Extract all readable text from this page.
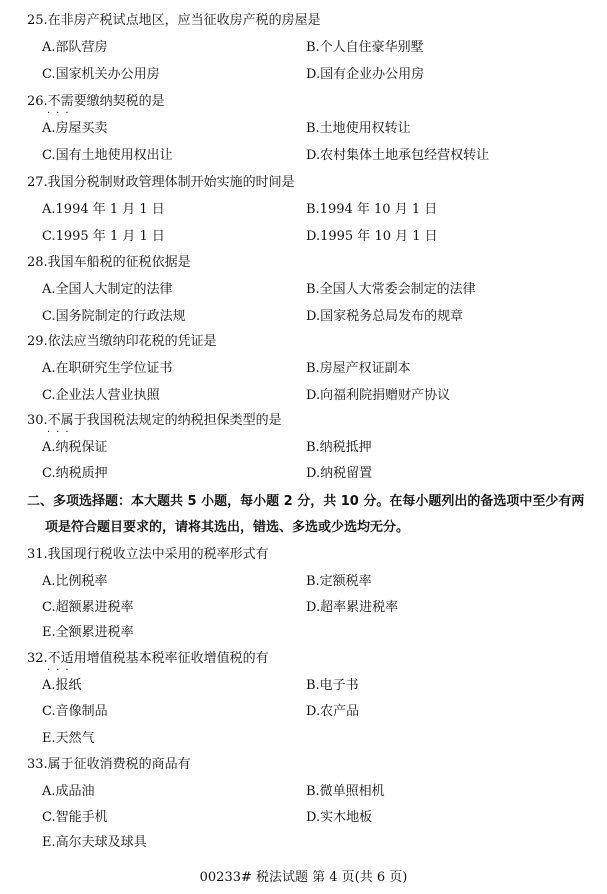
25.在非房产税试点地区，应当征收房产税的房屋是
A.部队营房	B.个人自住豪华别墅
C.国家机关办公用房	D.国有企业办公用房
26.不需要缴纳契税的是
···
A.房屋买卖	B.土地使用权转让
C.国有土地使用权出让	D.农村集体土地承包经营权转让
27.我国分税制财政管理体制开始实施的时间是
A.1994 年 1 月 1 日	B.1994 年 10 月 1 日
C.1995 年 1 月 1 日	D.1995 年 10 月 1 日
28.我国车船税的征税依据是
A.全国人大制定的法律	B.全国人大常委会制定的法律
C.国务院制定的行政法规	D.国家税务总局发布的规章
29.依法应当缴纳印花税的凭证是
A.在职研究生学位证书	B.房屋产权证副本
C.企业法人营业执照	D.向福利院捐赠财产协议
30.不属于我国税法规定的纳税担保类型的是
···
A.纳税保证	B.纳税抵押
C.纳税质押	D.纳税留置
二、多项选择题：本大题共 5 小题，每小题 2 分，共 10 分。在每小题列出的备选项中至少有两
项是符合题目要求的，请将其选出，错选、多选或少选均无分。
31.我国现行税收立法中采用的税率形式有
A.比例税率	B.定额税率
C.超额累进税率	D.超率累进税率
E.全额累进税率
32.不适用增值税基本税率征收增值税的有
···
A.报纸	B.电子书
C.音像制品	D.农产品
E.天然气
33.属于征收消费税的商品有
A.成品油	B.微单照相机
C.智能手机	D.实木地板
E.高尔夫球及球具
00233# 税法试题 第 4 页(共 6 页)
